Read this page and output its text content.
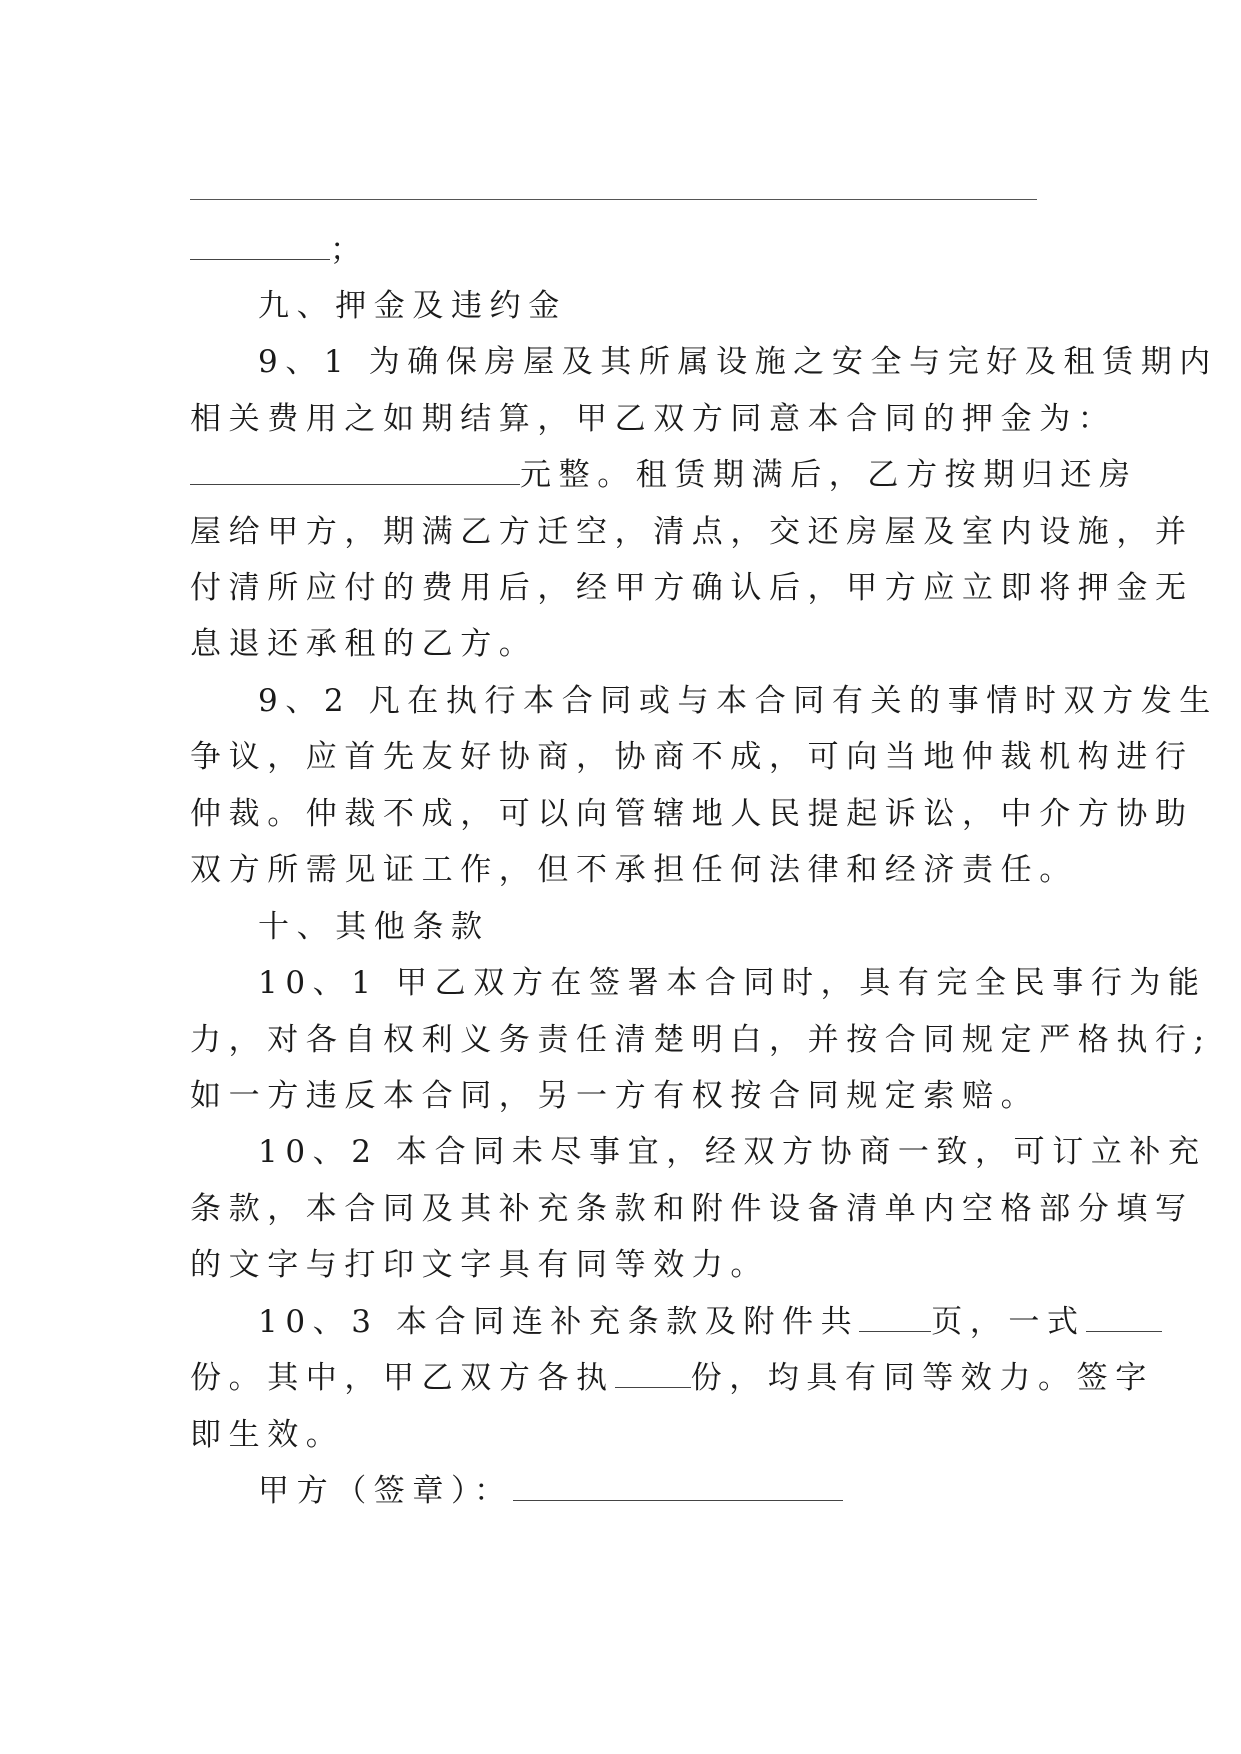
；
九、押金及违约金
9、1 为确保房屋及其所属设施之安全与完好及租赁期内
相关费用之如期结算，甲乙双方同意本合同的押金为：
元整。租赁期满后，乙方按期归还房
屋给甲方，期满乙方迁空，清点，交还房屋及室内设施，并
付清所应付的费用后，经甲方确认后，甲方应立即将押金无
息退还承租的乙方。
9、2 凡在执行本合同或与本合同有关的事情时双方发生
争议，应首先友好协商，协商不成，可向当地仲裁机构进行
仲裁。仲裁不成，可以向管辖地人民提起诉讼，中介方协助
双方所需见证工作，但不承担任何法律和经济责任。
十、其他条款
10、1 甲乙双方在签署本合同时，具有完全民事行为能
力，对各自权利义务责任清楚明白，并按合同规定严格执行;
如一方违反本合同，另一方有权按合同规定索赔。
10、2 本合同未尽事宜，经双方协商一致，可订立补充
条款，本合同及其补充条款和附件设备清单内空格部分填写
的文字与打印文字具有同等效力。
10、3 本合同连补充条款及附件共 页，一式
份。其中，甲乙双方各执 份，均具有同等效力。签字
即生效。
甲方（签章）：
